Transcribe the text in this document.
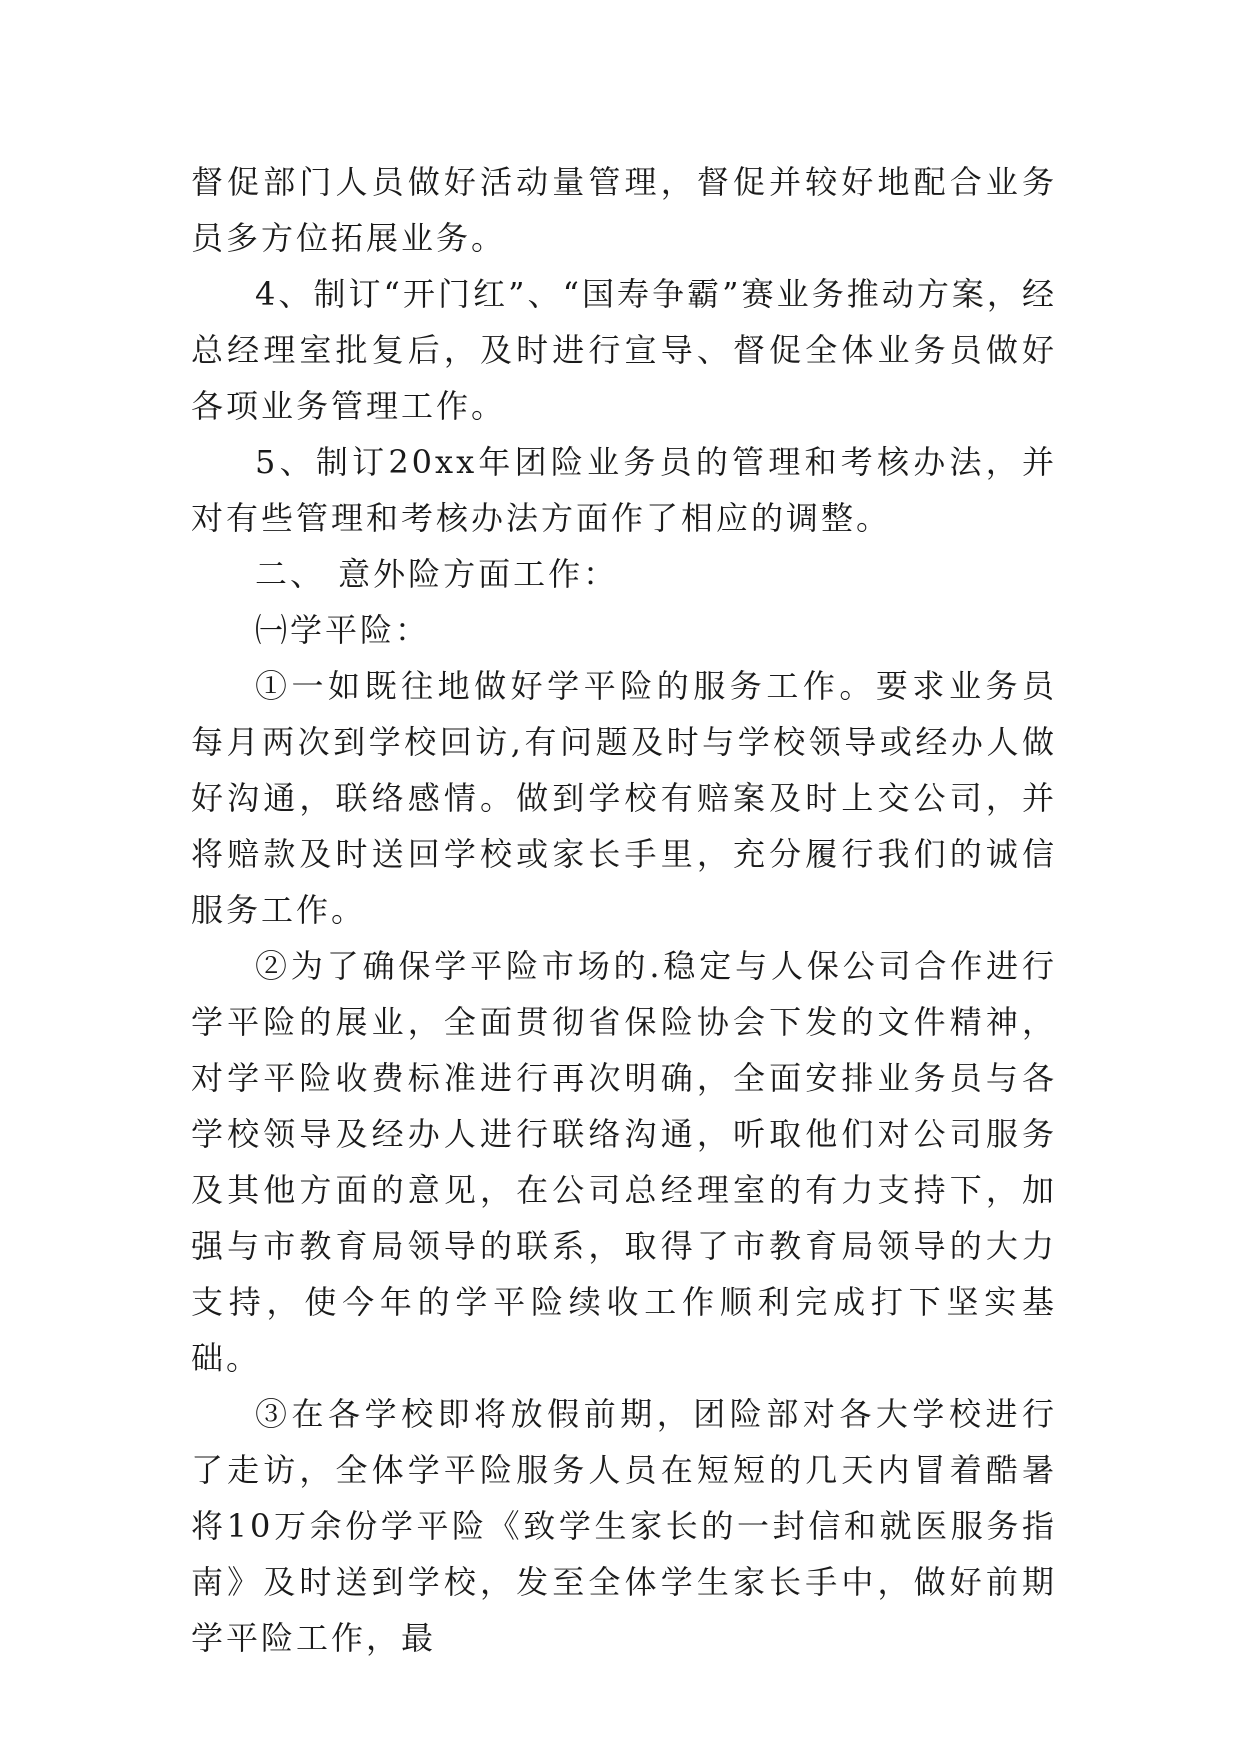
督促部门人员做好活动量管理，督促并较好地配合业务员多方位拓展业务。

4、制订“开门红”、“国寿争霸”赛业务推动方案，经总经理室批复后，及时进行宣导、督促全体业务员做好各项业务管理工作。

5、制订20xx年团险业务员的管理和考核办法，并对有些管理和考核办法方面作了相应的调整。

二、 意外险方面工作：

㈠学平险：

①一如既往地做好学平险的服务工作。要求业务员每月两次到学校回访,有问题及时与学校领导或经办人做好沟通，联络感情。做到学校有赔案及时上交公司，并将赔款及时送回学校或家长手里，充分履行我们的诚信服务工作。

②为了确保学平险市场的.稳定与人保公司合作进行学平险的展业，全面贯彻省保险协会下发的文件精神，对学平险收费标准进行再次明确，全面安排业务员与各学校领导及经办人进行联络沟通，听取他们对公司服务及其他方面的意见，在公司总经理室的有力支持下，加强与市教育局领导的联系，取得了市教育局领导的大力支持，使今年的学平险续收工作顺利完成打下坚实基础。

③在各学校即将放假前期，团险部对各大学校进行了走访，全体学平险服务人员在短短的几天内冒着酷暑将10万余份学平险《致学生家长的一封信和就医服务指南》及时送到学校，发至全体学生家长手中，做好前期学平险工作，最
